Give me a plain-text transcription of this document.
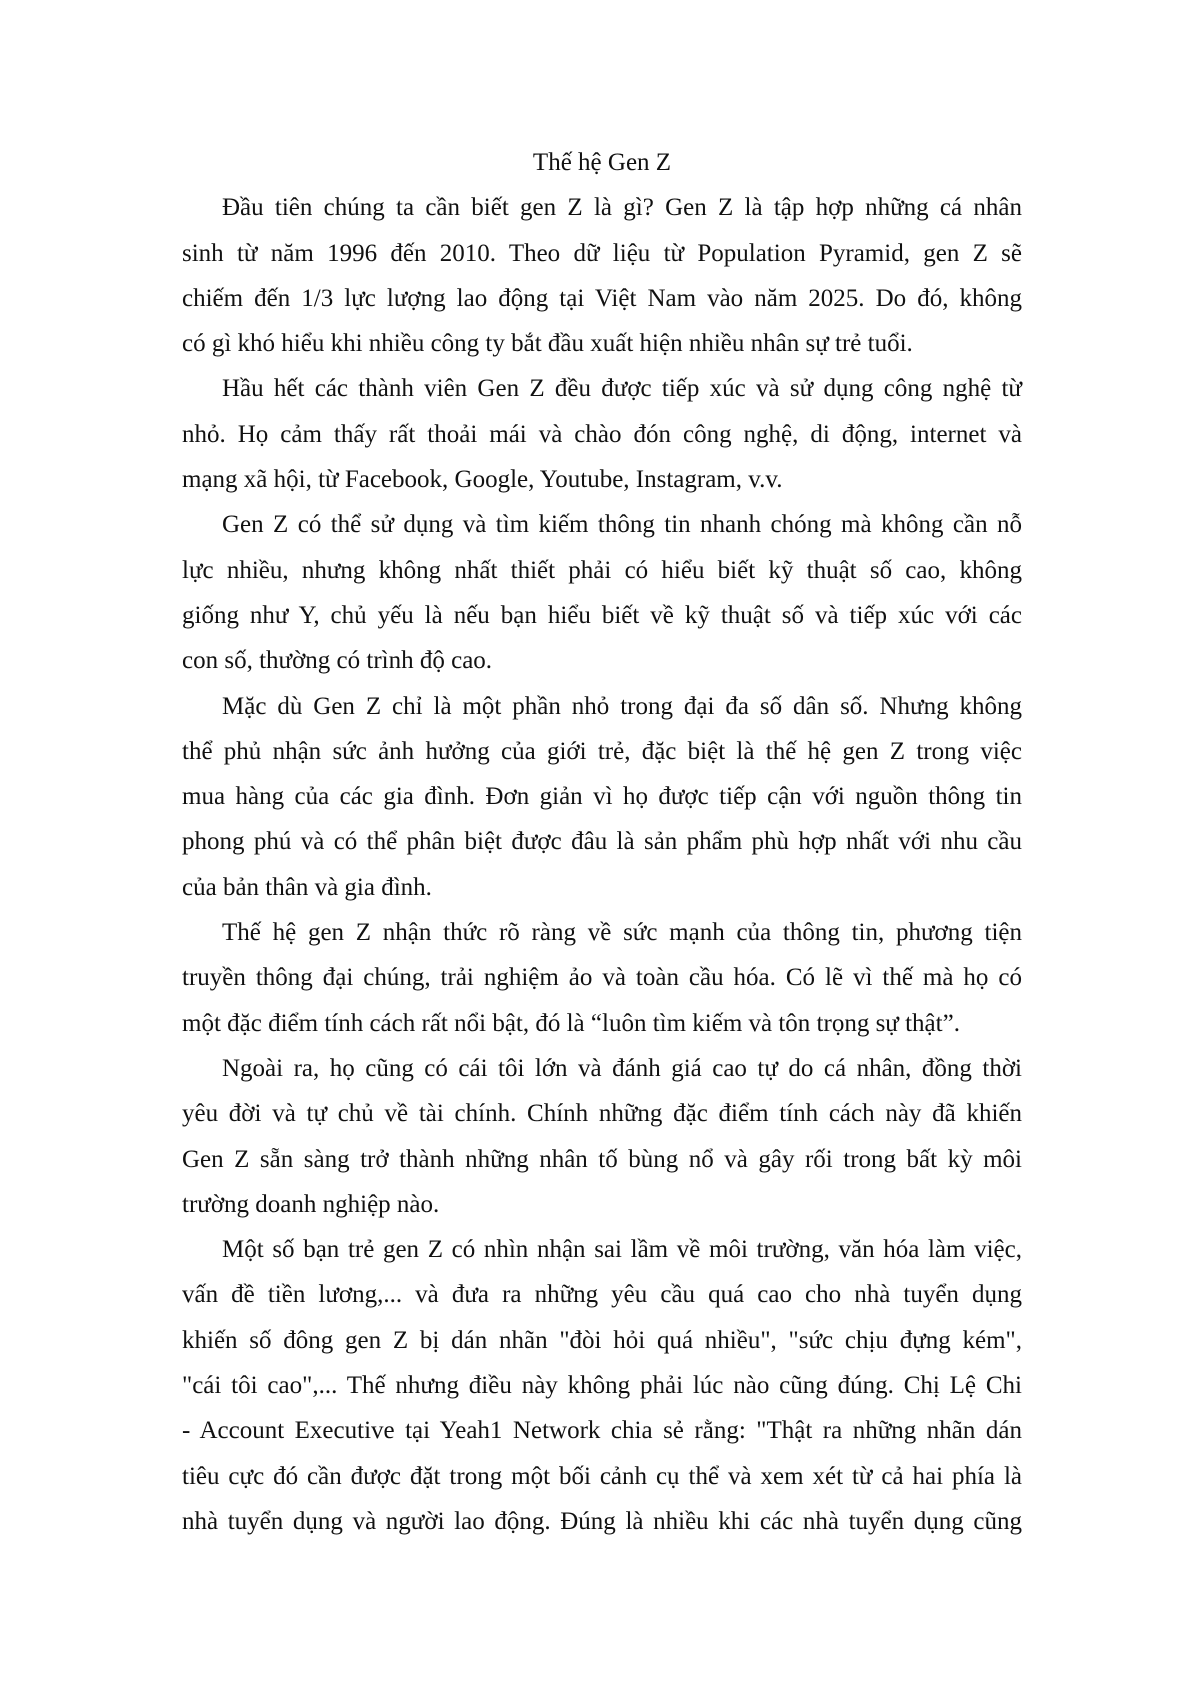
Thế hệ Gen Z
Đầu tiên chúng ta cần biết gen Z là gì? Gen Z là tập hợp những cá nhân
sinh từ năm 1996 đến 2010. Theo dữ liệu từ Population Pyramid, gen Z sẽ
chiếm đến 1/3 lực lượng lao động tại Việt Nam vào năm 2025. Do đó, không
có gì khó hiểu khi nhiều công ty bắt đầu xuất hiện nhiều nhân sự trẻ tuổi.
Hầu hết các thành viên Gen Z đều được tiếp xúc và sử dụng công nghệ từ
nhỏ. Họ cảm thấy rất thoải mái và chào đón công nghệ, di động, internet và
mạng xã hội, từ Facebook, Google, Youtube, Instagram, v.v.
Gen Z có thể sử dụng và tìm kiếm thông tin nhanh chóng mà không cần nỗ
lực nhiều, nhưng không nhất thiết phải có hiểu biết kỹ thuật số cao, không
giống như Y, chủ yếu là nếu bạn hiểu biết về kỹ thuật số và tiếp xúc với các
con số, thường có trình độ cao.
Mặc dù Gen Z chỉ là một phần nhỏ trong đại đa số dân số. Nhưng không
thể phủ nhận sức ảnh hưởng của giới trẻ, đặc biệt là thế hệ gen Z trong việc
mua hàng của các gia đình. Đơn giản vì họ được tiếp cận với nguồn thông tin
phong phú và có thể phân biệt được đâu là sản phẩm phù hợp nhất với nhu cầu
của bản thân và gia đình.
Thế hệ gen Z nhận thức rõ ràng về sức mạnh của thông tin, phương tiện
truyền thông đại chúng, trải nghiệm ảo và toàn cầu hóa. Có lẽ vì thế mà họ có
một đặc điểm tính cách rất nổi bật, đó là “luôn tìm kiếm và tôn trọng sự thật”.
Ngoài ra, họ cũng có cái tôi lớn và đánh giá cao tự do cá nhân, đồng thời
yêu đời và tự chủ về tài chính. Chính những đặc điểm tính cách này đã khiến
Gen Z sẵn sàng trở thành những nhân tố bùng nổ và gây rối trong bất kỳ môi
trường doanh nghiệp nào.
Một số bạn trẻ gen Z có nhìn nhận sai lầm về môi trường, văn hóa làm việc,
vấn đề tiền lương,... và đưa ra những yêu cầu quá cao cho nhà tuyển dụng
khiến số đông gen Z bị dán nhãn "đòi hỏi quá nhiều", "sức chịu đựng kém",
"cái tôi cao",... Thế nhưng điều này không phải lúc nào cũng đúng. Chị Lệ Chi
- Account Executive tại Yeah1 Network chia sẻ rằng: "Thật ra những nhãn dán
tiêu cực đó cần được đặt trong một bối cảnh cụ thể và xem xét từ cả hai phía là
nhà tuyển dụng và người lao động. Đúng là nhiều khi các nhà tuyển dụng cũng
